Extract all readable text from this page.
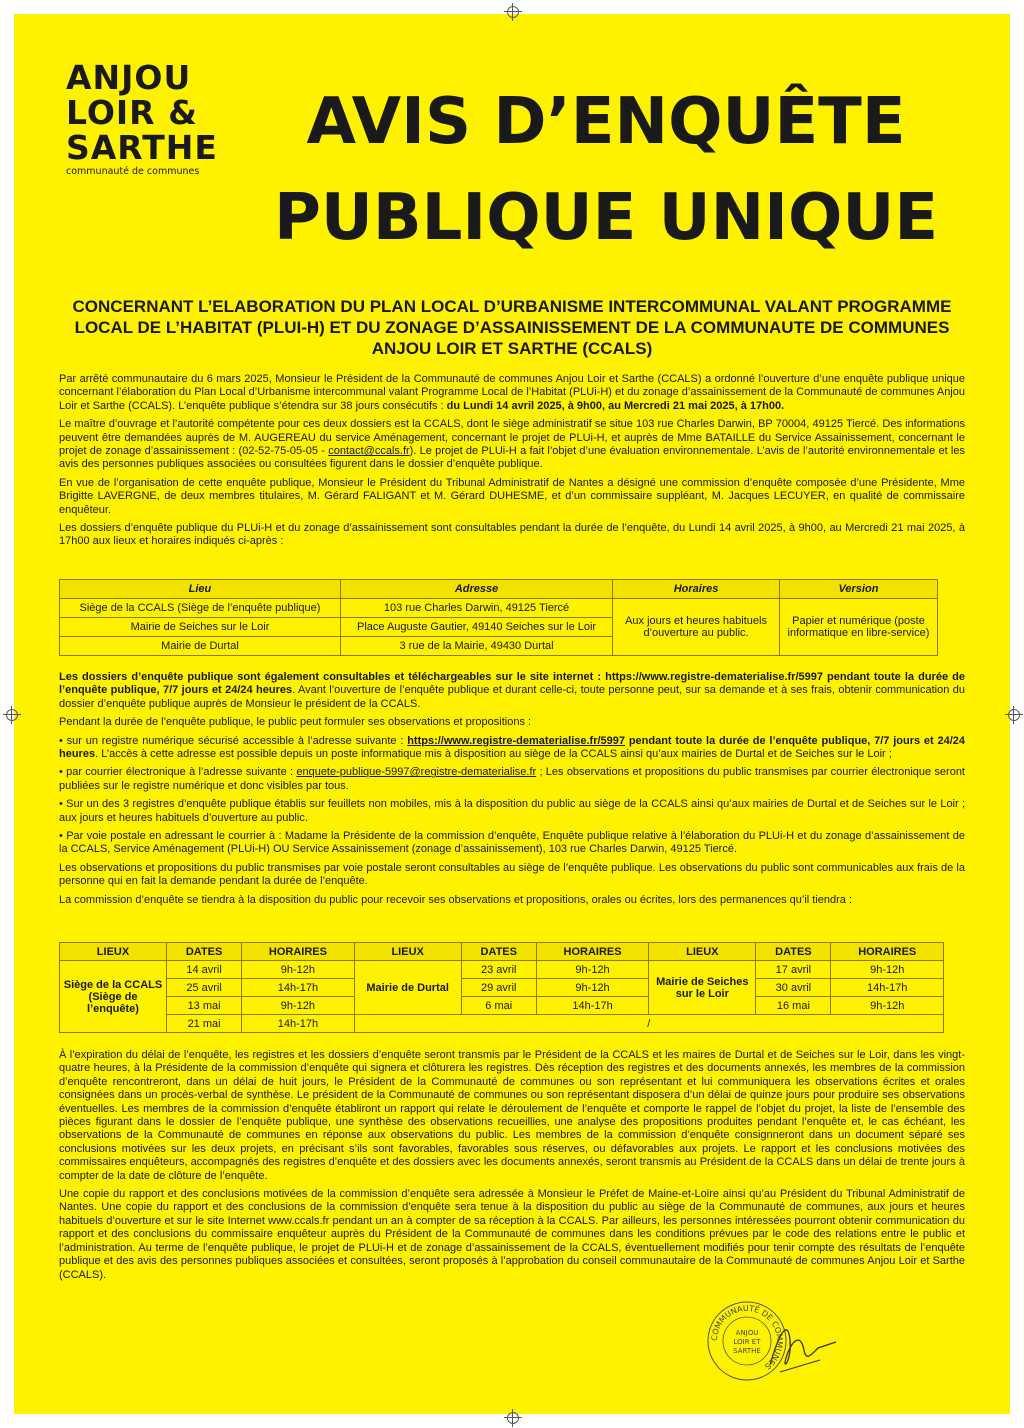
ANJOU
LOIR &
SARTHE
communauté de communes
AVIS D’ENQUÊTE
PUBLIQUE UNIQUE
CONCERNANT L’ELABORATION DU PLAN LOCAL D’URBANISME INTERCOMMUNAL VALANT PROGRAMME LOCAL DE L’HABITAT (PLUI-H) ET DU ZONAGE D’ASSAINISSEMENT DE LA COMMUNAUTE DE COMMUNES ANJOU LOIR ET SARTHE (CCALS)

Par arrêté communautaire du 6 mars 2025, Monsieur le Président de la Communauté de communes Anjou Loir et Sarthe (CCALS) a ordonné l’ouverture d’une enquête publique unique concernant l’élaboration du Plan Local d’Urbanisme intercommunal valant Programme Local de l’Habitat (PLUi-H) et du zonage d’assainissement de la Communauté de communes Anjou Loir et Sarthe (CCALS). L’enquête publique s’étendra sur 38 jours consécutifs : du Lundi 14 avril 2025, à 9h00, au Mercredi 21 mai 2025, à 17h00.

Le maître d’ouvrage et l’autorité compétente pour ces deux dossiers est la CCALS, dont le siège administratif se situe 103 rue Charles Darwin, BP 70004, 49125 Tiercé. Des informations peuvent être demandées auprès de M. AUGEREAU du service Aménagement, concernant le projet de PLUi-H, et auprès de Mme BATAILLE du Service Assainissement, concernant le projet de zonage d’assainissement : (02-52-75-05-05 - contact@ccals.fr). Le projet de PLUi-H a fait l’objet d’une évaluation environnementale. L’avis de l’autorité environnementale et les avis des personnes publiques associées ou consultées figurent dans le dossier d’enquête publique.

En vue de l’organisation de cette enquête publique, Monsieur le Président du Tribunal Administratif de Nantes a désigné une commission d’enquête composée d’une Présidente, Mme Brigitte LAVERGNE, de deux membres titulaires, M. Gérard FALIGANT et M. Gérard DUHESME, et d’un commissaire suppléant, M. Jacques LECUYER, en qualité de commissaire enquêteur.

Les dossiers d’enquête publique du PLUi-H et du zonage d’assainissement sont consultables pendant la durée de l’enquête, du Lundi 14 avril 2025, à 9h00, au Mercredi 21 mai 2025, à 17h00 aux lieux et horaires indiqués ci-après :

Lieu	Adresse	Horaires	Version
Siège de la CCALS (Siège de l’enquête publique)	103 rue Charles Darwin, 49125 Tiercé	Aux jours et heures habituels d’ouverture au public.	Papier et numérique (poste informatique en libre-service)
Mairie de Seiches sur le Loir	Place Auguste Gautier, 49140 Seiches sur le Loir		
Mairie de Durtal	3 rue de la Mairie, 49430 Durtal		

Les dossiers d’enquête publique sont également consultables et téléchargeables sur le site internet : https://www.registre-dematerialise.fr/5997 pendant toute la durée de l’enquête publique, 7/7 jours et 24/24 heures. Avant l’ouverture de l’enquête publique et durant celle-ci, toute personne peut, sur sa demande et à ses frais, obtenir communication du dossier d’enquête publique auprès de Monsieur le président de la CCALS.

Pendant la durée de l’enquête publique, le public peut formuler ses observations et propositions :

• sur un registre numérique sécurisé accessible à l’adresse suivante : https://www.registre-dematerialise.fr/5997 pendant toute la durée de l’enquête publique, 7/7 jours et 24/24 heures. L’accès à cette adresse est possible depuis un poste informatique mis à disposition au siège de la CCALS ainsi qu’aux mairies de Durtal et de Seiches sur le Loir ;

• par courrier électronique à l’adresse suivante : enquete-publique-5997@registre-dematerialise.fr ; Les observations et propositions du public transmises par courrier électronique seront publiées sur le registre numérique et donc visibles par tous.

• Sur un des 3 registres d’enquête publique établis sur feuillets non mobiles, mis à la disposition du public au siège de la CCALS ainsi qu’aux mairies de Durtal et de Seiches sur le Loir ; aux jours et heures habituels d’ouverture au public.

• Par voie postale en adressant le courrier à : Madame la Présidente de la commission d’enquête, Enquête publique relative à l’élaboration du PLUi-H et du zonage d’assainissement de la CCALS, Service Aménagement (PLUi-H) OU Service Assainissement (zonage d’assainissement), 103 rue Charles Darwin, 49125 Tiercé.

Les observations et propositions du public transmises par voie postale seront consultables au siège de l’enquête publique. Les observations du public sont communicables aux frais de la personne qui en fait la demande pendant la durée de l’enquête.

La commission d’enquête se tiendra à la disposition du public pour recevoir ses observations et propositions, orales ou écrites, lors des permanences qu’il tiendra :

LIEUX	DATES	HORAIRES	LIEUX	DATES	HORAIRES	LIEUX	DATES	HORAIRES
Siège de la CCALS (Siège de l’enquête)	14 avril	9h-12h	Mairie de Durtal	23 avril	9h-12h	Mairie de Seiches sur le Loir	17 avril	9h-12h
	25 avril	14h-17h		29 avril	9h-12h		30 avril	14h-17h
	13 mai	9h-12h		6 mai	14h-17h		16 mai	9h-12h
	21 mai	14h-17h	/					

À l’expiration du délai de l’enquête, les registres et les dossiers d’enquête seront transmis par le Président de la CCALS et les maires de Durtal et de Seiches sur le Loir, dans les vingt-quatre heures, à la Présidente de la commission d’enquête qui signera et clôturera les registres. Dès réception des registres et des documents annexés, les membres de la commission d’enquête rencontreront, dans un délai de huit jours, le Président de la Communauté de communes ou son représentant et lui communiquera les observations écrites et orales consignées dans un procès-verbal de synthèse. Le président de la Communauté de communes ou son représentant disposera d’un délai de quinze jours pour produire ses observations éventuelles. Les membres de la commission d’enquête établiront un rapport qui relate le déroulement de l’enquête et comporte le rappel de l’objet du projet, la liste de l’ensemble des pièces figurant dans le dossier de l’enquête publique, une synthèse des observations recueillies, une analyse des propositions produites pendant l’enquête et, le cas échéant, les observations de la Communauté de communes en réponse aux observations du public. Les membres de la commission d’enquête consignneront dans un document séparé ses conclusions motivées sur les deux projets, en précisant s’ils sont favorables, favorables sous réserves, ou défavorables aux projets. Le rapport et les conclusions motivées des commissaires enquêteurs, accompagnés des registres d’enquête et des dossiers avec les documents annexés, seront transmis au Président de la CCALS dans un délai de trente jours à compter de la date de clôture de l’enquête.

Une copie du rapport et des conclusions motivées de la commission d’enquête sera adressée à Monsieur le Préfet de Maine-et-Loire ainsi qu’au Président du Tribunal Administratif de Nantes. Une copie du rapport et des conclusions de la commission d’enquête sera tenue à la disposition du public au siège de la Communauté de communes, aux jours et heures habituels d’ouverture et sur le site Internet www.ccals.fr pendant un an à compter de sa réception à la CCALS. Par ailleurs, les personnes intéressées pourront obtenir communication du rapport et des conclusions du commissaire enquêteur auprès du Président de la Communauté de communes dans les conditions prévues par le code des relations entre le public et l’administration. Au terme de l’enquête publique, le projet de PLUi-H et de zonage d’assainissement de la CCALS, éventuellement modifiés pour tenir compte des résultats de l’enquête publique et des avis des personnes publiques associées et consultées, seront proposés à l’approbation du conseil communautaire de la Communauté de communes Anjou Loir et Sarthe (CCALS).

COMMUNAUTÉ DE COMMUNES
ANJOU
LOIR ET
SARTHE
